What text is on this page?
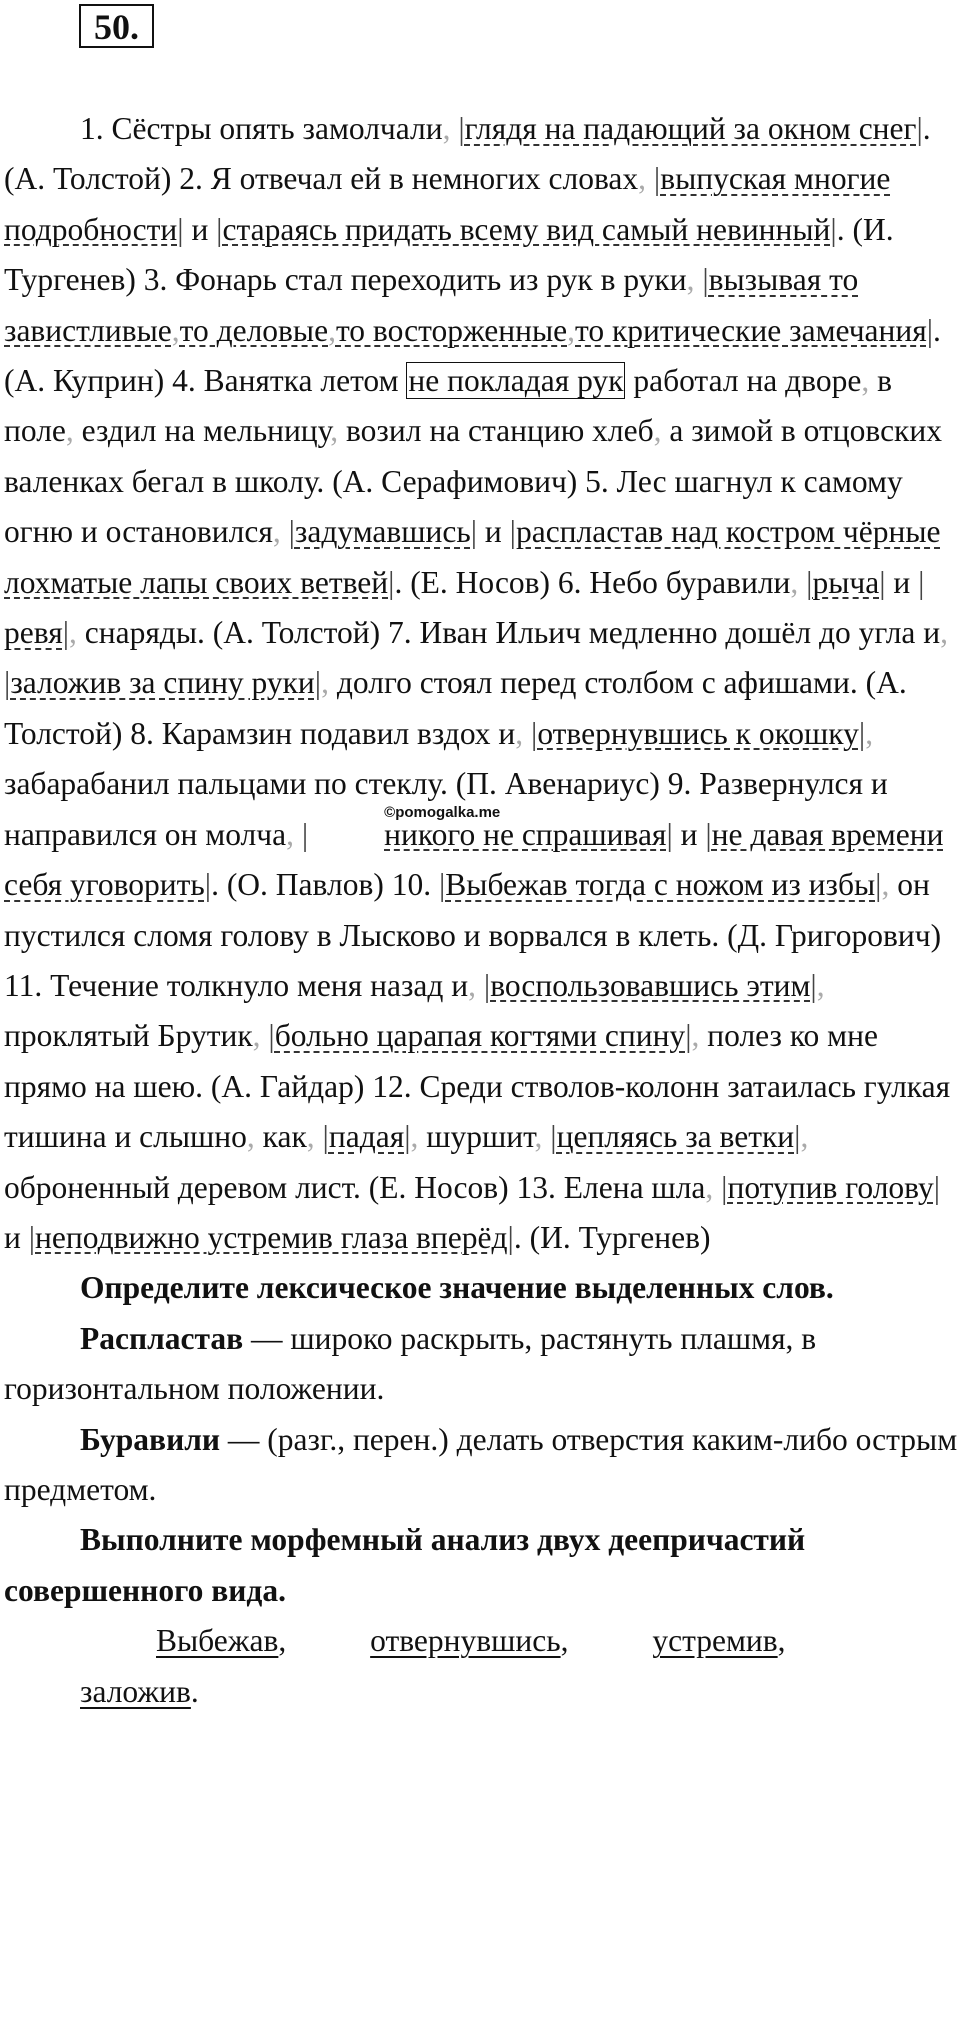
50.

1. Сёстры опять замолчали, |глядя на падающий за окном снег|. (А. Толстой) 2. Я отвечал ей в немногих словах, |выпуская многие подробности| и |стараясь придать всему вид самый невинный|. (И. Тургенев) 3. Фонарь стал переходить из рук в руки, |вызывая то завистливые,то деловые,то восторженные,то критические замечания|. (А. Куприн) 4. Ванятка летом не покладая рук работал на дворе, в поле, ездил на мельницу, возил на станцию хлеб, а зимой в отцовских валенках бегал в школу. (А. Серафимович) 5. Лес шагнул к самому огню и остановился, |задумавшись| и |распластав над костром чёрные лохматые лапы своих ветвей|. (Е. Носов) 6. Небо буравили, |рыча| и |ревя|, снаряды. (А. Толстой) 7. Иван Ильич медленно дошёл до угла и, |заложив за спину руки|, долго стоял перед столбом с афишами. (А. Толстой) 8. Карамзин подавил вздох и, |отвернувшись к окошку|, забарабанил пальцами по стеклу. (П. Авенариус) 9. Развернулся и направился он молча, |
©pomogalka.me
никого не спрашивая| и |не давая времени себя уговорить|. (О. Павлов) 10. |Выбежав тогда с ножом из избы|, он пустился сломя голову в Лысково и ворвался в клеть. (Д. Григорович) 11. Течение толкнуло меня назад и, |воспользовавшись этим|, проклятый Брутик, |больно царапая когтями спину|, полез ко мне прямо на шею. (А. Гайдар) 12. Среди стволов-колонн затаилась гулкая тишина и слышно, как, |падая|, шуршит, |цепляясь за ветки|, оброненный деревом лист. (Е. Носов) 13. Елена шла, |потупив голову| и |неподвижно устремив глаза вперёд|. (И. Тургенев)

Определите лексическое значение выделенных слов.

Распластав — широко раскрыть, растянуть плашмя, в горизонтальном положении.

Буравили — (разг., перен.) делать отверстия каким-либо острым предметом.

Выполните морфемный анализ двух деепричастий совершенного вида.

Выбежав, отвернувшись, устремив, заложив.
